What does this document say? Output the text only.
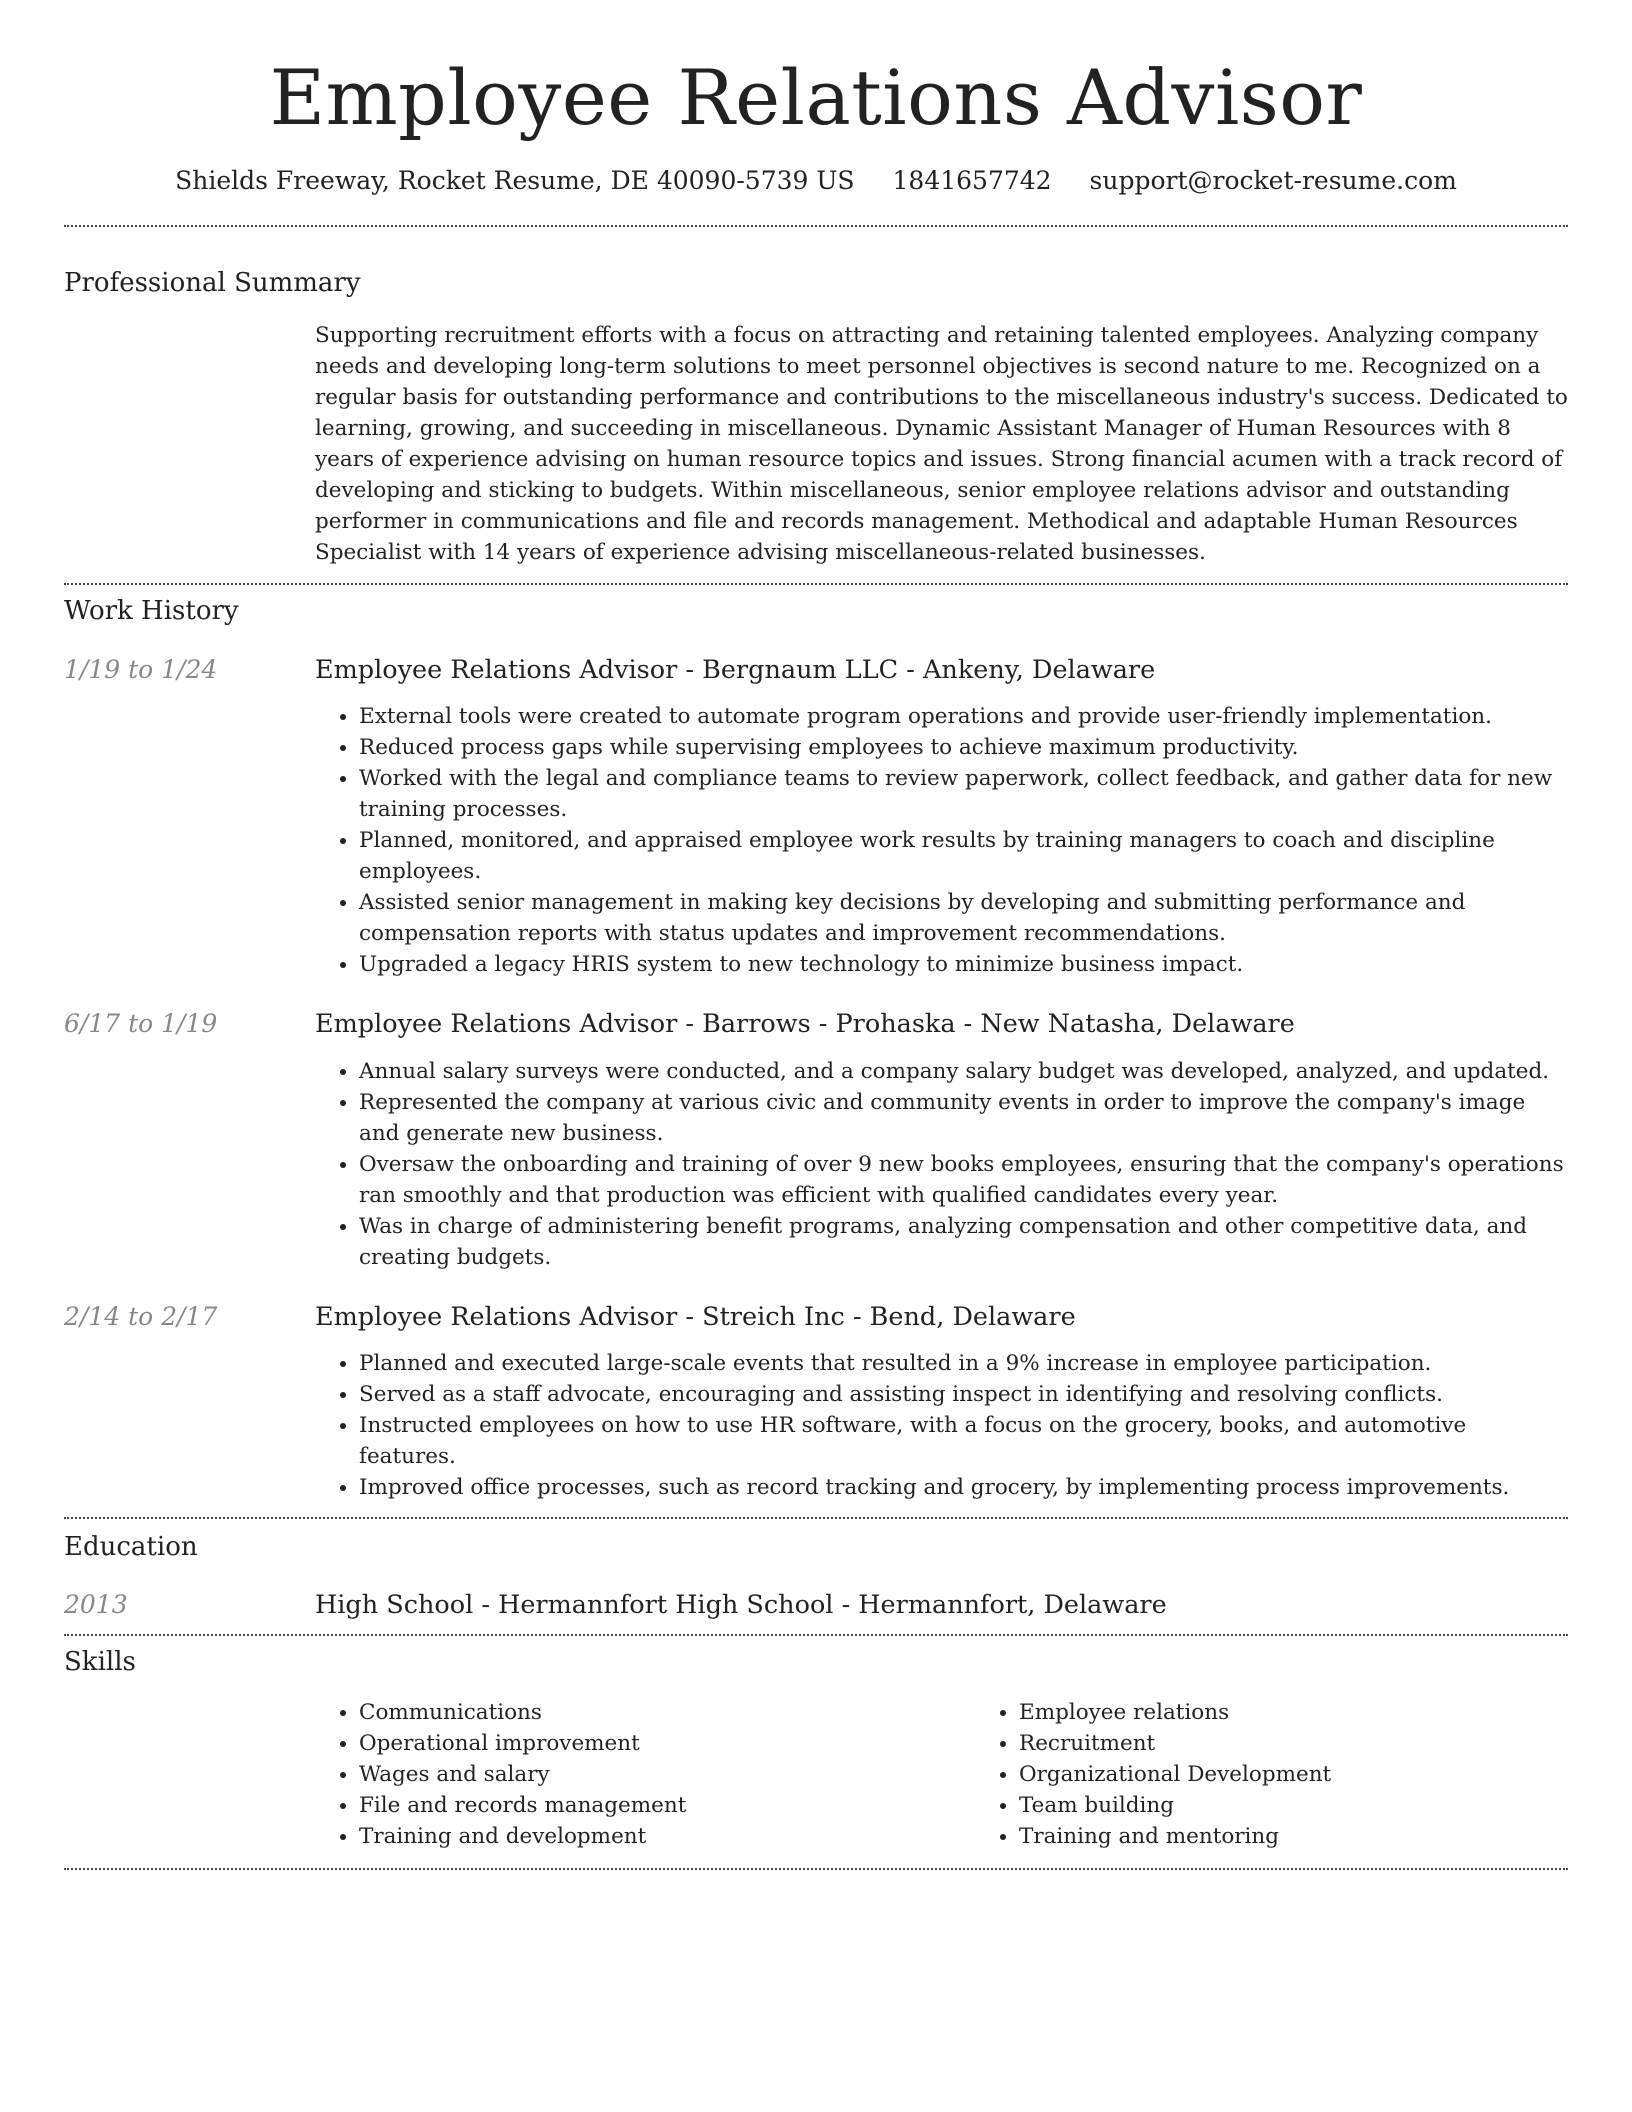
Employee Relations Advisor
Shields Freeway, Rocket Resume, DE 40090-5739 US 1841657742 support@rocket-resume.com
Professional Summary

Supporting recruitment efforts with a focus on attracting and retaining talented employees. Analyzing company needs and developing long-term solutions to meet personnel objectives is second nature to me. Recognized on a regular basis for outstanding performance and contributions to the miscellaneous industry's success. Dedicated to learning, growing, and succeeding in miscellaneous. Dynamic Assistant Manager of Human Resources with 8 years of experience advising on human resource topics and issues. Strong financial acumen with a track record of developing and sticking to budgets. Within miscellaneous, senior employee relations advisor and outstanding performer in communications and file and records management. Methodical and adaptable Human Resources Specialist with 14 years of experience advising miscellaneous-related businesses.

Work History
1/19 to 1/24	Employee Relations Advisor - Bergnaum LLC - Ankeny, Delaware
• External tools were created to automate program operations and provide user-friendly implementation.
• Reduced process gaps while supervising employees to achieve maximum productivity.
• Worked with the legal and compliance teams to review paperwork, collect feedback, and gather data for new training processes.
• Planned, monitored, and appraised employee work results by training managers to coach and discipline employees.
• Assisted senior management in making key decisions by developing and submitting performance and compensation reports with status updates and improvement recommendations.
• Upgraded a legacy HRIS system to new technology to minimize business impact.
6/17 to 1/19	Employee Relations Advisor - Barrows - Prohaska - New Natasha, Delaware
• Annual salary surveys were conducted, and a company salary budget was developed, analyzed, and updated.
• Represented the company at various civic and community events in order to improve the company's image and generate new business.
• Oversaw the onboarding and training of over 9 new books employees, ensuring that the company's operations ran smoothly and that production was efficient with qualified candidates every year.
• Was in charge of administering benefit programs, analyzing compensation and other competitive data, and creating budgets.
2/14 to 2/17	Employee Relations Advisor - Streich Inc - Bend, Delaware
• Planned and executed large-scale events that resulted in a 9% increase in employee participation.
• Served as a staff advocate, encouraging and assisting inspect in identifying and resolving conflicts.
• Instructed employees on how to use HR software, with a focus on the grocery, books, and automotive features.
• Improved office processes, such as record tracking and grocery, by implementing process improvements.
Education
2013	High School - Hermannfort High School - Hermannfort, Delaware
Skills
• Communications
• Operational improvement
• Wages and salary
• File and records management
• Training and development
• Employee relations
• Recruitment
• Organizational Development
• Team building
• Training and mentoring
